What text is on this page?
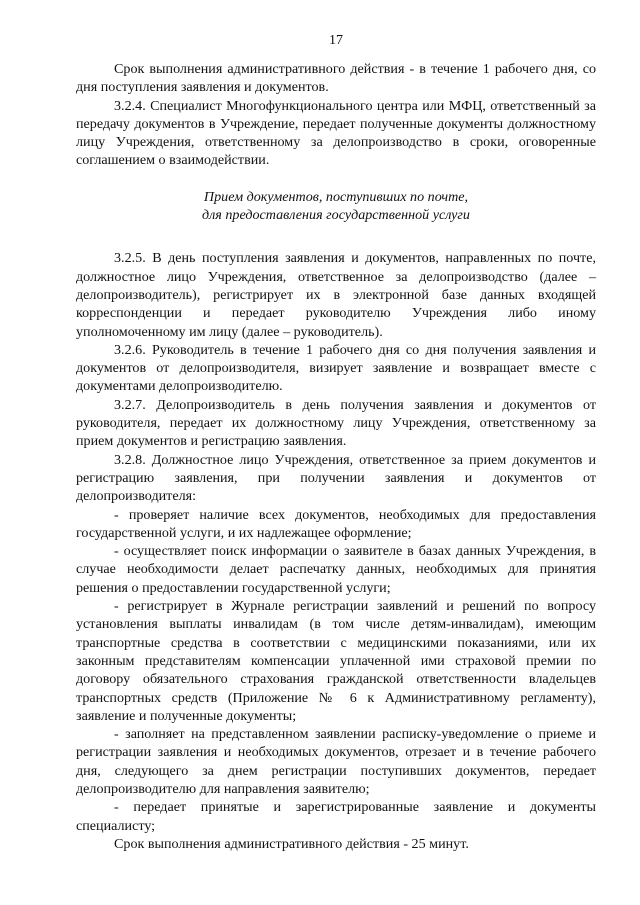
17

Срок выполнения административного действия - в течение 1 рабочего дня, со дня поступления заявления и документов.

3.2.4. Специалист Многофункционального центра или МФЦ, ответственный за передачу документов в Учреждение, передает полученные документы должностному лицу Учреждения, ответственному за делопроизводство в сроки, оговоренные соглашением о взаимодействии.

Прием документов, поступивших по почте,
для предоставления государственной услуги

3.2.5. В день поступления заявления и документов, направленных по почте, должностное лицо Учреждения, ответственное за делопроизводство (далее – делопроизводитель), регистрирует их в электронной базе данных входящей корреспонденции и передает руководителю Учреждения либо иному уполномоченному им лицу (далее – руководитель).

3.2.6. Руководитель в течение 1 рабочего дня со дня получения заявления и документов от делопроизводителя, визирует заявление и возвращает вместе с документами делопроизводителю.

3.2.7. Делопроизводитель в день получения заявления и документов от руководителя, передает их должностному лицу Учреждения, ответственному за прием документов и регистрацию заявления.

3.2.8. Должностное лицо Учреждения, ответственное за прием документов и регистрацию заявления, при получении заявления и документов от делопроизводителя:

- проверяет наличие всех документов, необходимых для предоставления государственной услуги, и их надлежащее оформление;

- осуществляет поиск информации о заявителе в базах данных Учреждения, в случае необходимости делает распечатку данных, необходимых для принятия решения о предоставлении государственной услуги;

- регистрирует в Журнале регистрации заявлений и решений по вопросу установления выплаты инвалидам (в том числе детям-инвалидам), имеющим транспортные средства в соответствии с медицинскими показаниями, или их законным представителям компенсации уплаченной ими страховой премии по договору обязательного страхования гражданской ответственности владельцев транспортных средств (Приложение № 6 к Административному регламенту), заявление и полученные документы;

- заполняет на представленном заявлении расписку-уведомление о приеме и регистрации заявления и необходимых документов, отрезает и в течение рабочего дня, следующего за днем регистрации поступивших документов, передает делопроизводителю для направления заявителю;

- передает принятые и зарегистрированные заявление и документы специалисту;

Срок выполнения административного действия - 25 минут.
